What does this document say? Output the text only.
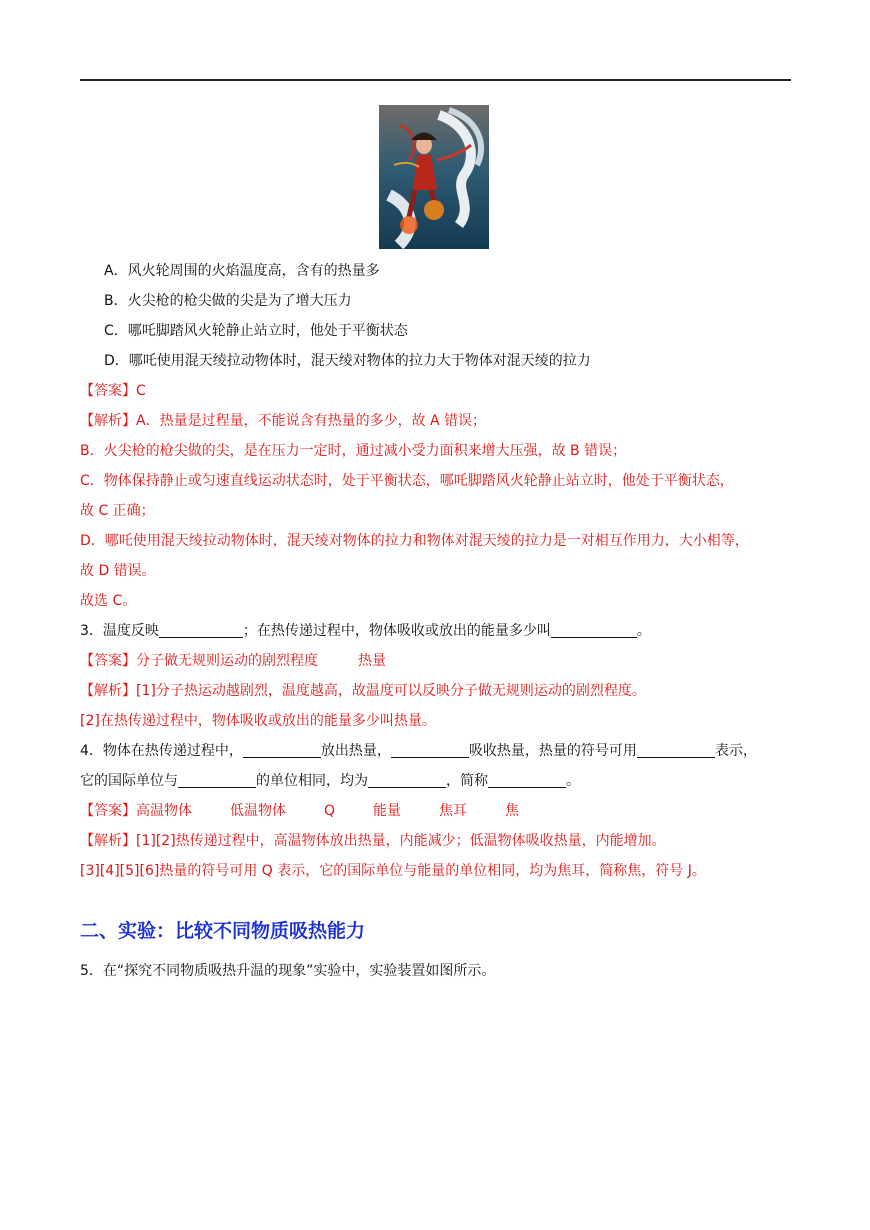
A．风火轮周围的火焰温度高，含有的热量多
B．火尖枪的枪尖做的尖是为了增大压力
C．哪吒脚踏风火轮静止站立时，他处于平衡状态
D．哪吒使用混天绫拉动物体时，混天绫对物体的拉力大于物体对混天绫的拉力
【答案】C
【解析】A．热量是过程量，不能说含有热量的多少，故 A 错误；
B．火尖枪的枪尖做的尖，是在压力一定时，通过减小受力面积来增大压强，故 B 错误；
C．物体保持静止或匀速直线运动状态时，处于平衡状态，哪吒脚踏风火轮静止站立时，他处于平衡状态，
故 C 正确；
D．哪吒使用混天绫拉动物体时，混天绫对物体的拉力和物体对混天绫的拉力是一对相互作用力，大小相等，
故 D 错误。
故选 C。
3．温度反映	；在热传递过程中，物体吸收或放出的能量多少叫	。
【答案】分子做无规则运动的剧烈程度	热量
【解析】[1]分子热运动越剧烈，温度越高，故温度可以反映分子做无规则运动的剧烈程度。
[2]在热传递过程中，物体吸收或放出的能量多少叫热量。
4．物体在热传递过程中，	放出热量，	吸收热量，热量的符号可用	表示，
它的国际单位与	的单位相同，均为	，简称	。
【答案】高温物体	低温物体	Q	能量	焦耳	焦
【解析】[1][2]热传递过程中，高温物体放出热量，内能减少；低温物体吸收热量，内能增加。
[3][4][5][6]热量的符号可用 Q 表示，它的国际单位与能量的单位相同，均为焦耳，简称焦，符号 J。
二、实验：比较不同物质吸热能力
5．在“探究不同物质吸热升温的现象”实验中，实验装置如图所示。
